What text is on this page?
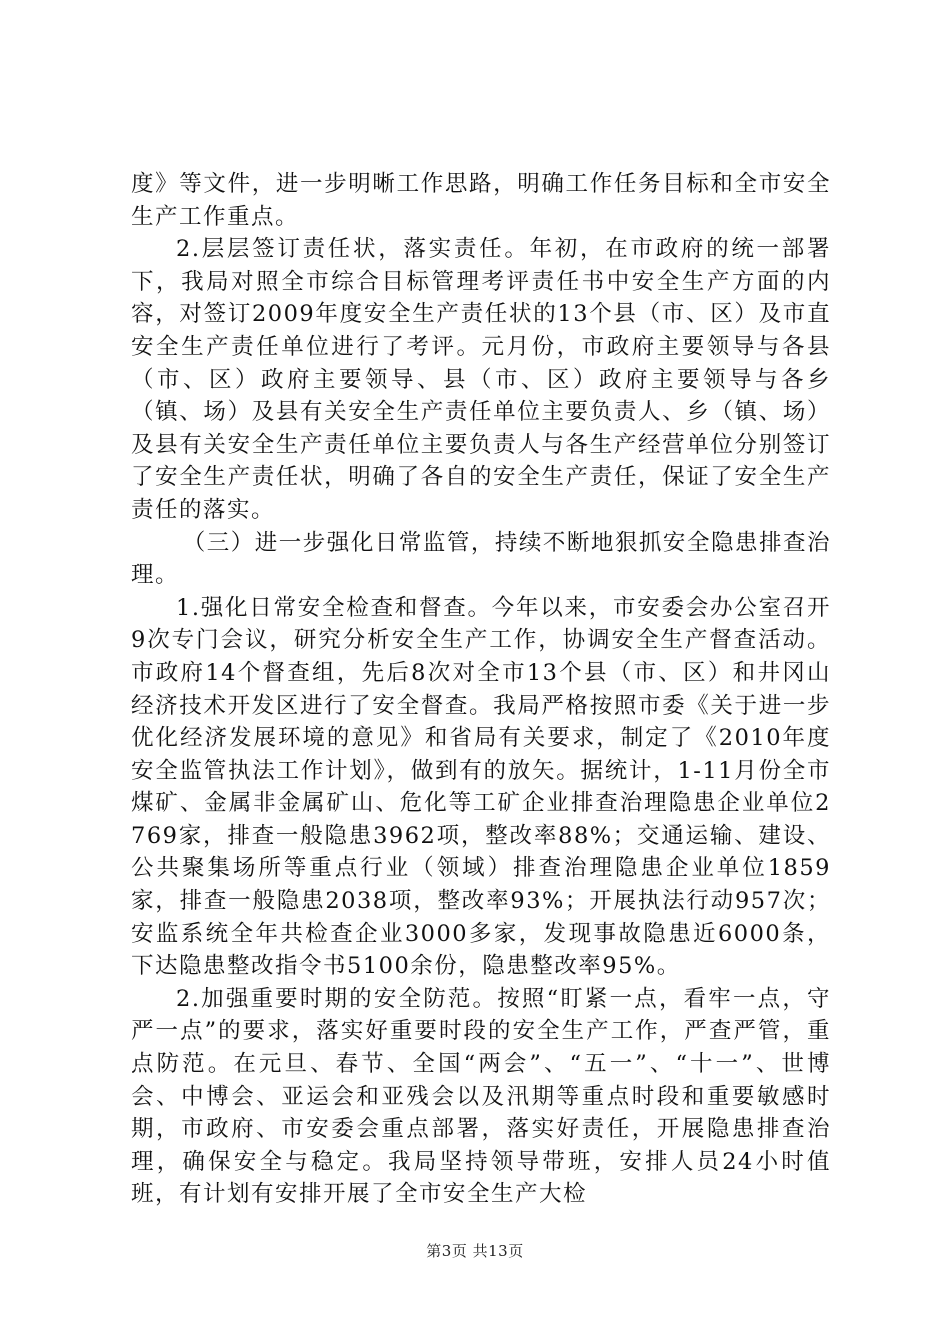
度》等文件，进一步明晰工作思路，明确工作任务目标和全市安全生产工作重点。

2.层层签订责任状，落实责任。年初，在市政府的统一部署下，我局对照全市综合目标管理考评责任书中安全生产方面的内容，对签订2009年度安全生产责任状的13个县（市、区）及市直安全生产责任单位进行了考评。元月份，市政府主要领导与各县（市、区）政府主要领导、县（市、区）政府主要领导与各乡（镇、场）及县有关安全生产责任单位主要负责人、乡（镇、场）及县有关安全生产责任单位主要负责人与各生产经营单位分别签订了安全生产责任状，明确了各自的安全生产责任，保证了安全生产责任的落实。

（三）进一步强化日常监管，持续不断地狠抓安全隐患排查治理。

1.强化日常安全检查和督查。今年以来，市安委会办公室召开9次专门会议，研究分析安全生产工作，协调安全生产督查活动。市政府14个督查组，先后8次对全市13个县（市、区）和井冈山经济技术开发区进行了安全督查。我局严格按照市委《关于进一步优化经济发展环境的意见》和省局有关要求，制定了《2010年度安全监管执法工作计划》，做到有的放矢。据统计，1-11月份全市煤矿、金属非金属矿山、危化等工矿企业排查治理隐患企业单位2769家，排查一般隐患3962项，整改率88%；交通运输、建设、公共聚集场所等重点行业（领域）排查治理隐患企业单位1859家，排查一般隐患2038项，整改率93%；开展执法行动957次；安监系统全年共检查企业3000多家，发现事故隐患近6000条，下达隐患整改指令书5100余份，隐患整改率95%。

2.加强重要时期的安全防范。按照“盯紧一点，看牢一点，守严一点”的要求，落实好重要时段的安全生产工作，严查严管，重点防范。在元旦、春节、全国“两会”、“五一”、“十一”、世博会、中博会、亚运会和亚残会以及汛期等重点时段和重要敏感时期，市政府、市安委会重点部署，落实好责任，开展隐患排查治理，确保安全与稳定。我局坚持领导带班，安排人员24小时值班，有计划有安排开展了全市安全生产大检

第3页 共13页
